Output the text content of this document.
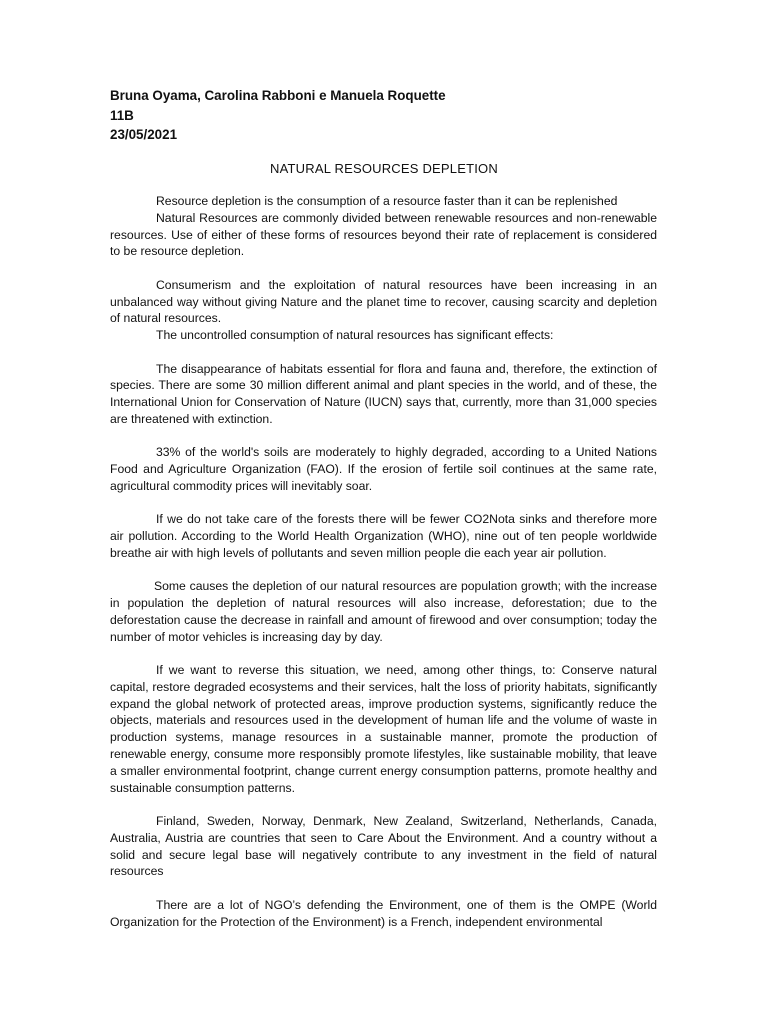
Bruna Oyama, Carolina Rabboni e Manuela Roquette
11B
23/05/2021
NATURAL RESOURCES DEPLETION

Resource depletion is the consumption of a resource faster than it can be replenished

Natural Resources are commonly divided between renewable resources and non-renewable resources. Use of either of these forms of resources beyond their rate of replacement is considered to be resource depletion.

Consumerism and the exploitation of natural resources have been increasing in an unbalanced way without giving Nature and the planet time to recover, causing scarcity and depletion of natural resources.

The uncontrolled consumption of natural resources has significant effects:

The disappearance of habitats essential for flora and fauna and, therefore, the extinction of species. There are some 30 million different animal and plant species in the world, and of these, the International Union for Conservation of Nature (IUCN) says that, currently, more than 31,000 species are threatened with extinction.

33% of the world's soils are moderately to highly degraded, according to a United Nations Food and Agriculture Organization (FAO). If the erosion of fertile soil continues at the same rate, agricultural commodity prices will inevitably soar.

If we do not take care of the forests there will be fewer CO2Nota sinks and therefore more air pollution. According to the World Health Organization (WHO), nine out of ten people worldwide breathe air with high levels of pollutants and seven million people die each year air pollution.

Some causes the depletion of our natural resources are population growth; with the increase in population the depletion of natural resources will also increase, deforestation; due to the deforestation cause the decrease in rainfall and amount of firewood and over consumption; today the number of motor vehicles is increasing day by day.

If we want to reverse this situation, we need, among other things, to: Conserve natural capital, restore degraded ecosystems and their services, halt the loss of priority habitats, significantly expand the global network of protected areas, improve production systems, significantly reduce the objects, materials and resources used in the development of human life and the volume of waste in production systems, manage resources in a sustainable manner, promote the production of renewable energy, consume more responsibly promote lifestyles, like sustainable mobility, that leave a smaller environmental footprint, change current energy consumption patterns, promote healthy and sustainable consumption patterns.

Finland, Sweden, Norway, Denmark, New Zealand, Switzerland, Netherlands, Canada, Australia, Austria are countries that seen to Care About the Environment. And a country without a solid and secure legal base will negatively contribute to any investment in the field of natural resources

There are a lot of NGO’s defending the Environment, one of them is the OMPE (World Organization for the Protection of the Environment) is a French, independent environmental
